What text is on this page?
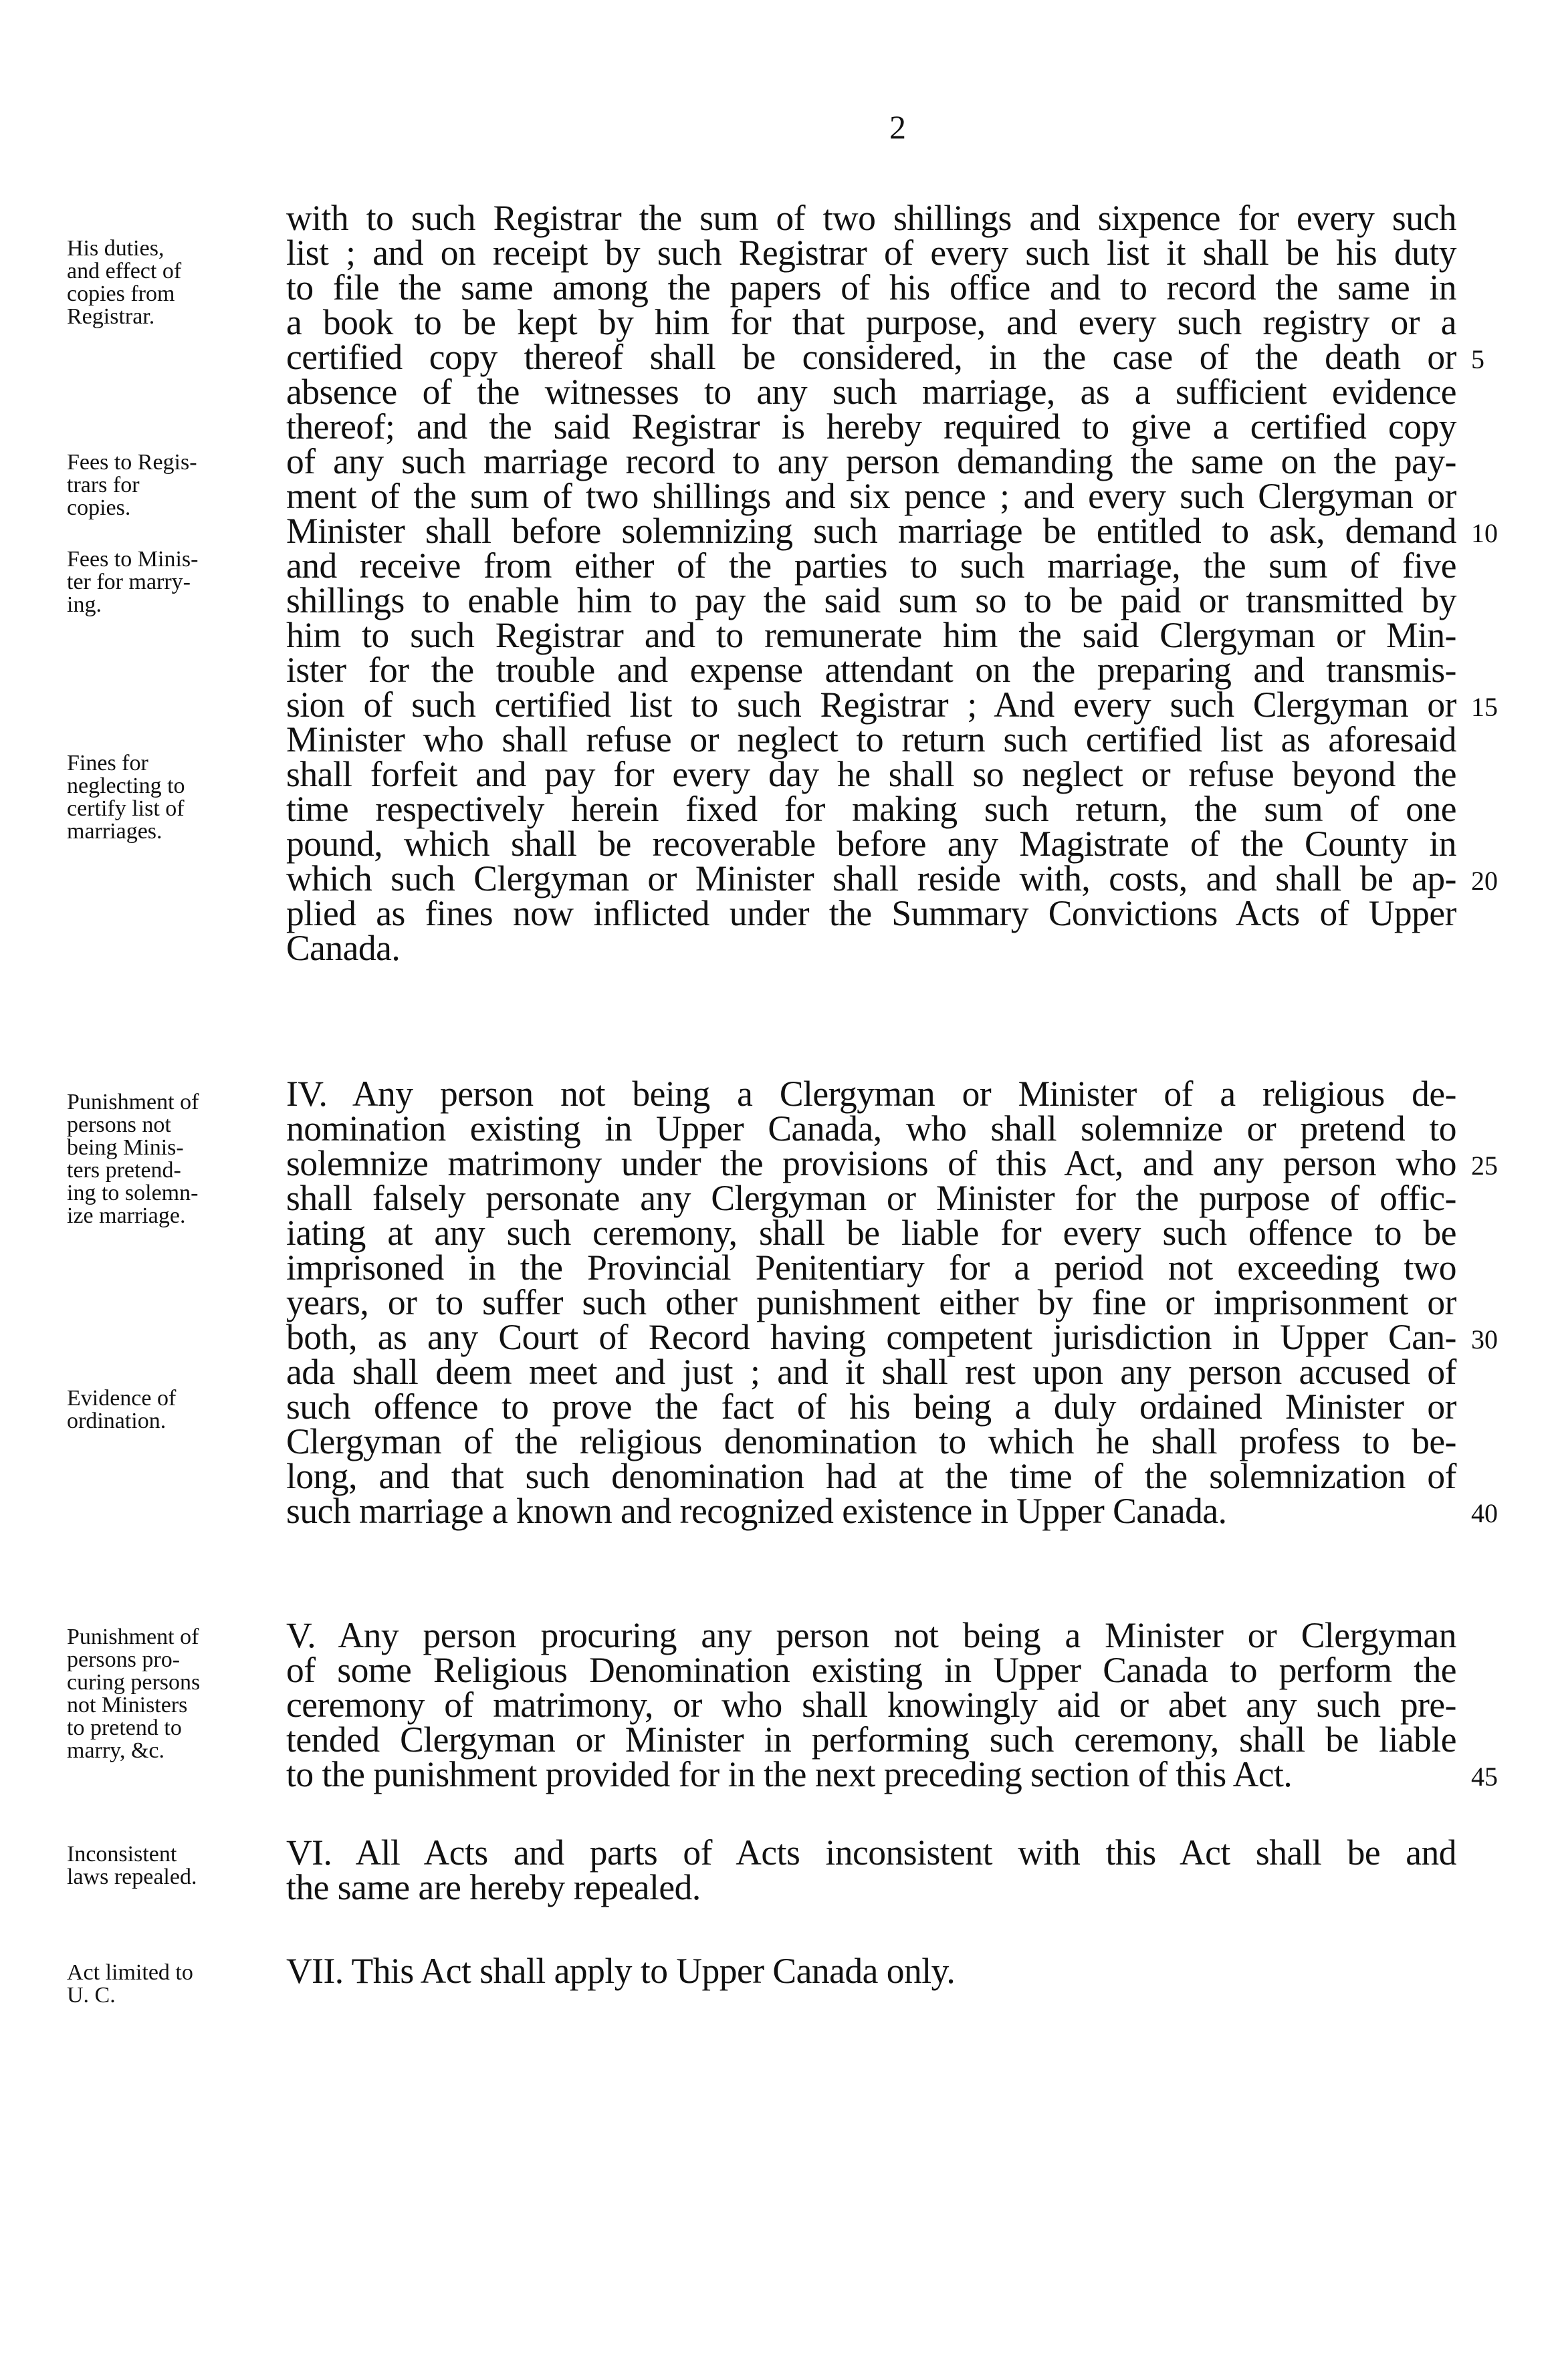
2
His duties,
and effect of
copies from
Registrar.
Fees to Regis-
trars for
copies.
Fees to Minis-
ter for marry-
ing.
Fines for
neglecting to
certify list of
marriages.
with to such Registrar the sum of two shillings and sixpence for every such
list ; and on receipt by such Registrar of every such list it shall be his duty
to file the same among the papers of his office and to record the same in
a book to be kept by him for that purpose, and every such registry or a
certified copy thereof shall be considered, in the case of the death or
absence of the witnesses to any such marriage, as a sufficient evidence
thereof; and the said Registrar is hereby required to give a certified copy
of any such marriage record to any person demanding the same on the pay-
ment of the sum of two shillings and six pence ; and every such Clergyman or
Minister shall before solemnizing such marriage be entitled to ask, demand
and receive from either of the parties to such marriage, the sum of five
shillings to enable him to pay the said sum so to be paid or transmitted by
him to such Registrar and to remunerate him the said Clergyman or Min-
ister for the trouble and expense attendant on the preparing and transmis-
sion of such certified list to such Registrar ; And every such Clergyman or
Minister who shall refuse or neglect to return such certified list as aforesaid
shall forfeit and pay for every day he shall so neglect or refuse beyond the
time respectively herein fixed for making such return, the sum of one
pound, which shall be recoverable before any Magistrate of the County in
which such Clergyman or Minister shall reside with, costs, and shall be ap-
plied as fines now inflicted under the Summary Convictions Acts of Upper
Canada.
5
10
15
20
Punishment of
persons not
being Minis-
ters pretend-
ing to solemn-
ize marriage.
Evidence of
ordination.
IV. Any person not being a Clergyman or Minister of a religious de-
nomination existing in Upper Canada, who shall solemnize or pretend to
solemnize matrimony under the provisions of this Act, and any person who
shall falsely personate any Clergyman or Minister for the purpose of offic-
iating at any such ceremony, shall be liable for every such offence to be
imprisoned in the Provincial Penitentiary for a period not exceeding two
years, or to suffer such other punishment either by fine or imprisonment or
both, as any Court of Record having competent jurisdiction in Upper Can-
ada shall deem meet and just ; and it shall rest upon any person accused of
such offence to prove the fact of his being a duly ordained Minister or
Clergyman of the religious denomination to which he shall profess to be-
long, and that such denomination had at the time of the solemnization of
such marriage a known and recognized existence in Upper Canada.
25
30
40
Punishment of
persons pro-
curing persons
not Ministers
to pretend to
marry, &c.
V. Any person procuring any person not being a Minister or Clergyman
of some Religious Denomination existing in Upper Canada to perform the
ceremony of matrimony, or who shall knowingly aid or abet any such pre-
tended Clergyman or Minister in performing such ceremony, shall be liable
to the punishment provided for in the next preceding section of this Act.	45
Inconsistent
laws repealed.
VI. All Acts and parts of Acts inconsistent with this Act shall be and
the same are hereby repealed.
Act limited to
U. C.
VII. This Act shall apply to Upper Canada only.
